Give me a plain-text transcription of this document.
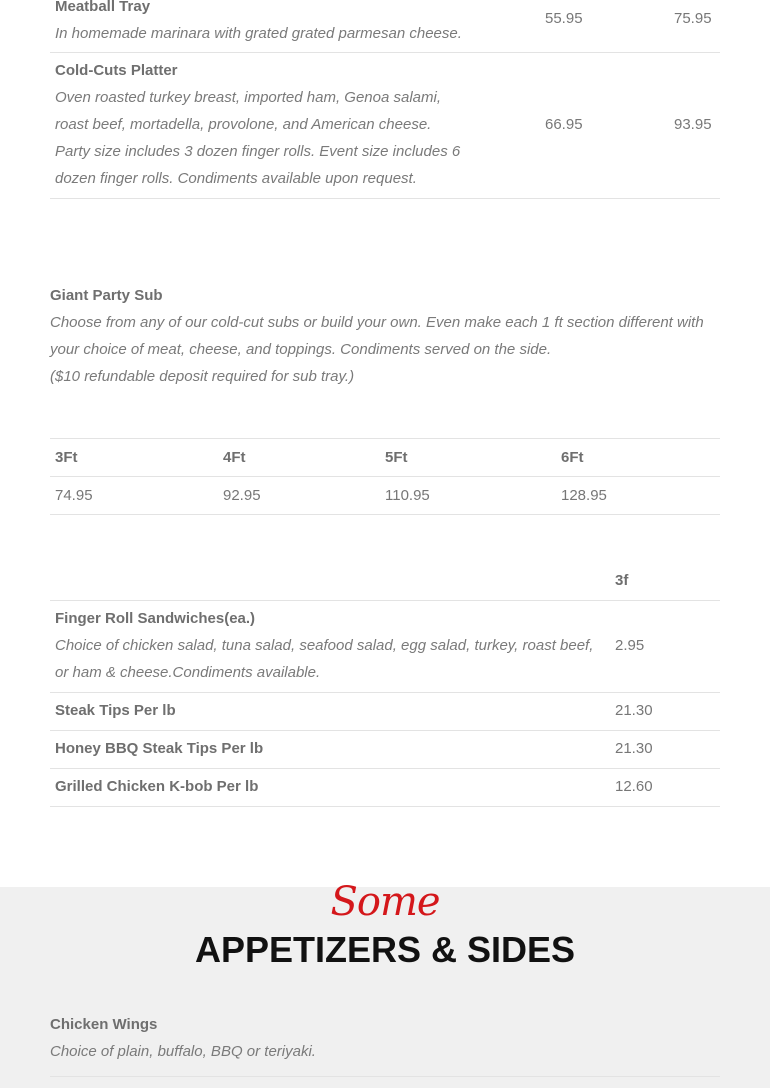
Meatball Tray
In homemade marinara with grated grated parmesan cheese.
55.95	75.95
Cold-Cuts Platter
Oven roasted turkey breast, imported ham, Genoa salami,
roast beef, mortadella, provolone, and American cheese.
Party size includes 3 dozen finger rolls. Event size includes 6
dozen finger rolls. Condiments available upon request.
66.95	93.95
Giant Party Sub
Choose from any of our cold-cut subs or build your own. Even make each 1 ft section different with
your choice of meat, cheese, and toppings. Condiments served on the side.
($10 refundable deposit required for sub tray.)
3Ft	4Ft	5Ft	6Ft
74.95	92.95	110.95	128.95
3f
Finger Roll Sandwiches(ea.)
Choice of chicken salad, tuna salad, seafood salad, egg salad, turkey, roast beef,
or ham & cheese.Condiments available.
2.95
Steak Tips Per lb	21.30
Honey BBQ Steak Tips Per lb	21.30
Grilled Chicken K-bob Per lb	12.60
Some
APPETIZERS & SIDES
Chicken Wings
Choice of plain, buffalo, BBQ or teriyaki.
